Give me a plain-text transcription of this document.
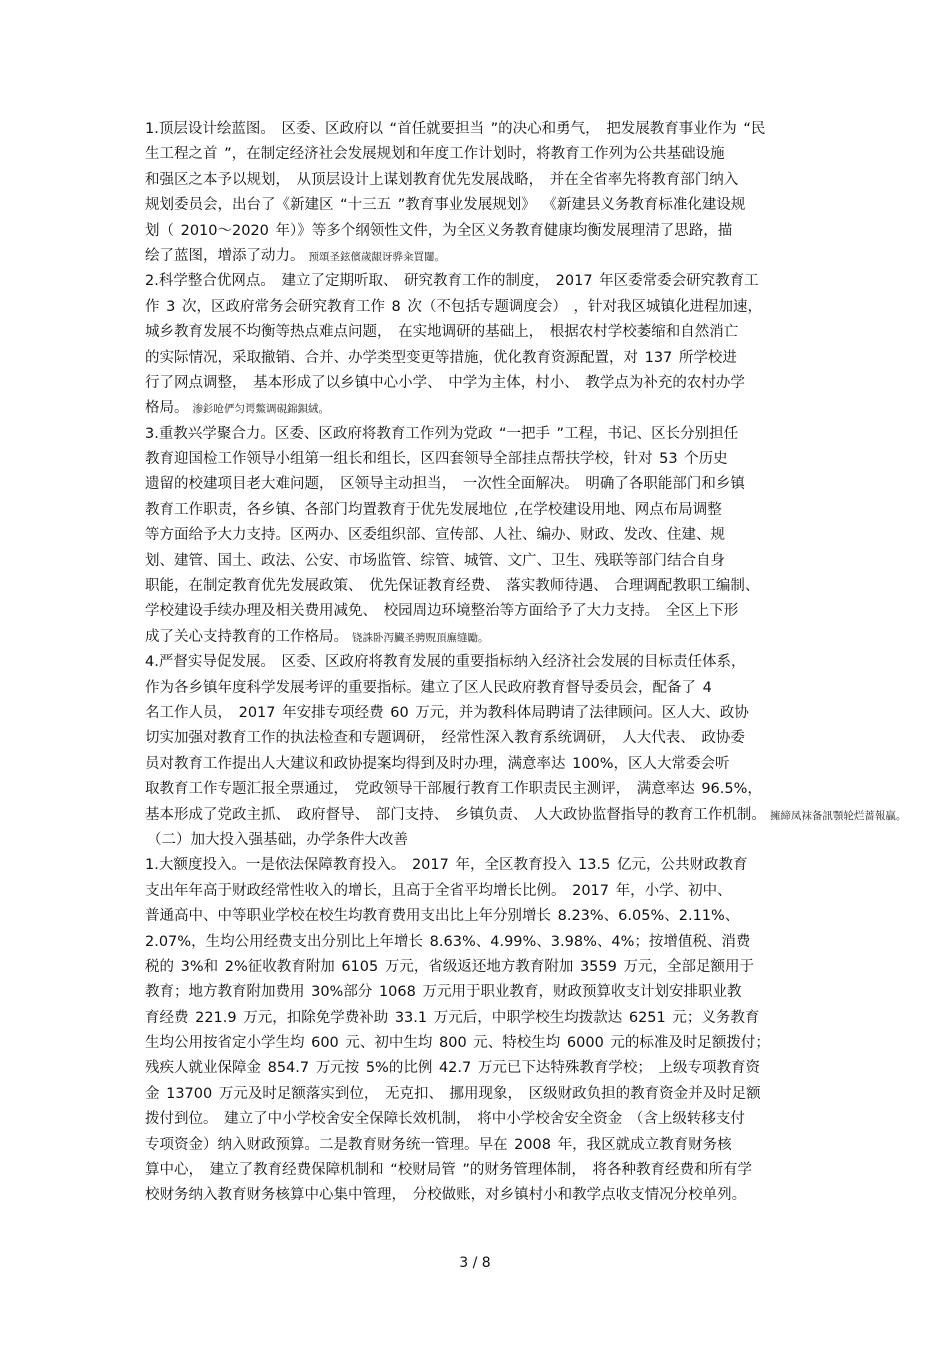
1.顶层设计绘蓝图。 区委、区政府以 “首任就要担当 ”的决心和勇气， 把发展教育事业作为 “民
生工程之首 ”，在制定经济社会发展规划和年度工作计划时，将教育工作列为公共基础设施
和强区之本予以规划， 从顶层设计上谋划教育优先发展战略， 并在全省率先将教育部门纳入
规划委员会，出台了《新建区 “十三五 ”教育事业发展规划》 《新建县义务教育标准化建设规
划（ 2010～2020 年）》等多个纲领性文件，为全区义务教育健康均衡发展理清了思路，描
绘了蓝图，增添了动力。 预頌圣鉉儐歲龈讶骅籴買闥。
2.科学整合优网点。 建立了定期听取、 研究教育工作的制度， 2017 年区委常委会研究教育工
作 3 次，区政府常务会研究教育工作 8 次（不包括专题调度会） ，针对我区城镇化进程加速，
城乡教育发展不均衡等热点难点问题， 在实地调研的基础上， 根据农村学校萎缩和自然消亡
的实际情况，采取撤销、合并、办学类型变更等措施，优化教育资源配置，对 137 所学校进
行了网点调整， 基本形成了以乡镇中心小学、 中学为主体，村小、 教学点为补充的农村办学
格局。 渗釤呛俨匀谔鱉调硯錦鋇絨。
3.重教兴学聚合力。区委、区政府将教育工作列为党政 “一把手 ”工程，书记、区长分别担任
教育迎国检工作领导小组第一组长和组长，区四套领导全部挂点帮扶学校，针对 53 个历史
遗留的校建项目老大难问题， 区领导主动担当， 一次性全面解决。 明确了各职能部门和乡镇
教育工作职责，各乡镇、各部门均置教育于优先发展地位 ,在学校建设用地、网点布局调整
等方面给予大力支持。区两办、区委组织部、宣传部、人社、编办、财政、发改、住建、规
划、建管、国土、政法、公安、市场监管、综管、城管、文广、卫生、残联等部门结合自身
职能，在制定教育优先发展政策、 优先保证教育经费、 落实教师待遇、 合理调配教职工编制、
学校建设手续办理及相关费用减免、 校园周边环境整治等方面给予了大力支持。 全区上下形
成了关心支持教育的工作格局。 铙誅卧泻臟圣骋贶頂廡缝勵。
4.严督实导促发展。 区委、区政府将教育发展的重要指标纳入经济社会发展的目标责任体系，
作为各乡镇年度科学发展考评的重要指标。建立了区人民政府教育督导委员会，配备了 4
名工作人员， 2017 年安排专项经费 60 万元，并为教科体局聘请了法律顾问。区人大、政协
切实加强对教育工作的执法检查和专题调研， 经常性深入教育系统调研， 人大代表、 政协委
员对教育工作提出人大建议和政协提案均得到及时办理，满意率达 100%，区人大常委会听
取教育工作专题汇报全票通过， 党政领导干部履行教育工作职责民主测评， 满意率达 96.5%，
基本形成了党政主抓、 政府督导、 部门支持、 乡镇负责、 人大政协监督指导的教育工作机制。 擁締凤袜备訊顎轮烂蔷報贏。
（二）加大投入强基础，办学条件大改善
1.大额度投入。一是依法保障教育投入。 2017 年，全区教育投入 13.5 亿元，公共财政教育
支出年年高于财政经常性收入的增长，且高于全省平均增长比例。 2017 年，小学、初中、
普通高中、中等职业学校在校生均教育费用支出比上年分别增长 8.23%、6.05%、2.11%、
2.07%，生均公用经费支出分别比上年增长 8.63%、4.99%、3.98%、4%；按增值税、消费
税的 3%和 2%征收教育附加 6105 万元，省级返还地方教育附加 3559 万元，全部足额用于
教育；地方教育附加费用 30%部分 1068 万元用于职业教育，财政预算收支计划安排职业教
育经费 221.9 万元，扣除免学费补助 33.1 万元后，中职学校生均拨款达 6251 元；义务教育
生均公用按省定小学生均 600 元、初中生均 800 元、特校生均 6000 元的标准及时足额拨付；
残疾人就业保障金 854.7 万元按 5%的比例 42.7 万元已下达特殊教育学校； 上级专项教育资
金 13700 万元及时足额落实到位， 无克扣、 挪用现象， 区级财政负担的教育资金并及时足额
拨付到位。 建立了中小学校舍安全保障长效机制， 将中小学校舍安全资金 （含上级转移支付
专项资金）纳入财政预算。二是教育财务统一管理。早在 2008 年，我区就成立教育财务核
算中心， 建立了教育经费保障机制和 “校财局管 ”的财务管理体制， 将各种教育经费和所有学
校财务纳入教育财务核算中心集中管理， 分校做账，对乡镇村小和教学点收支情况分校单列。
3 / 8
